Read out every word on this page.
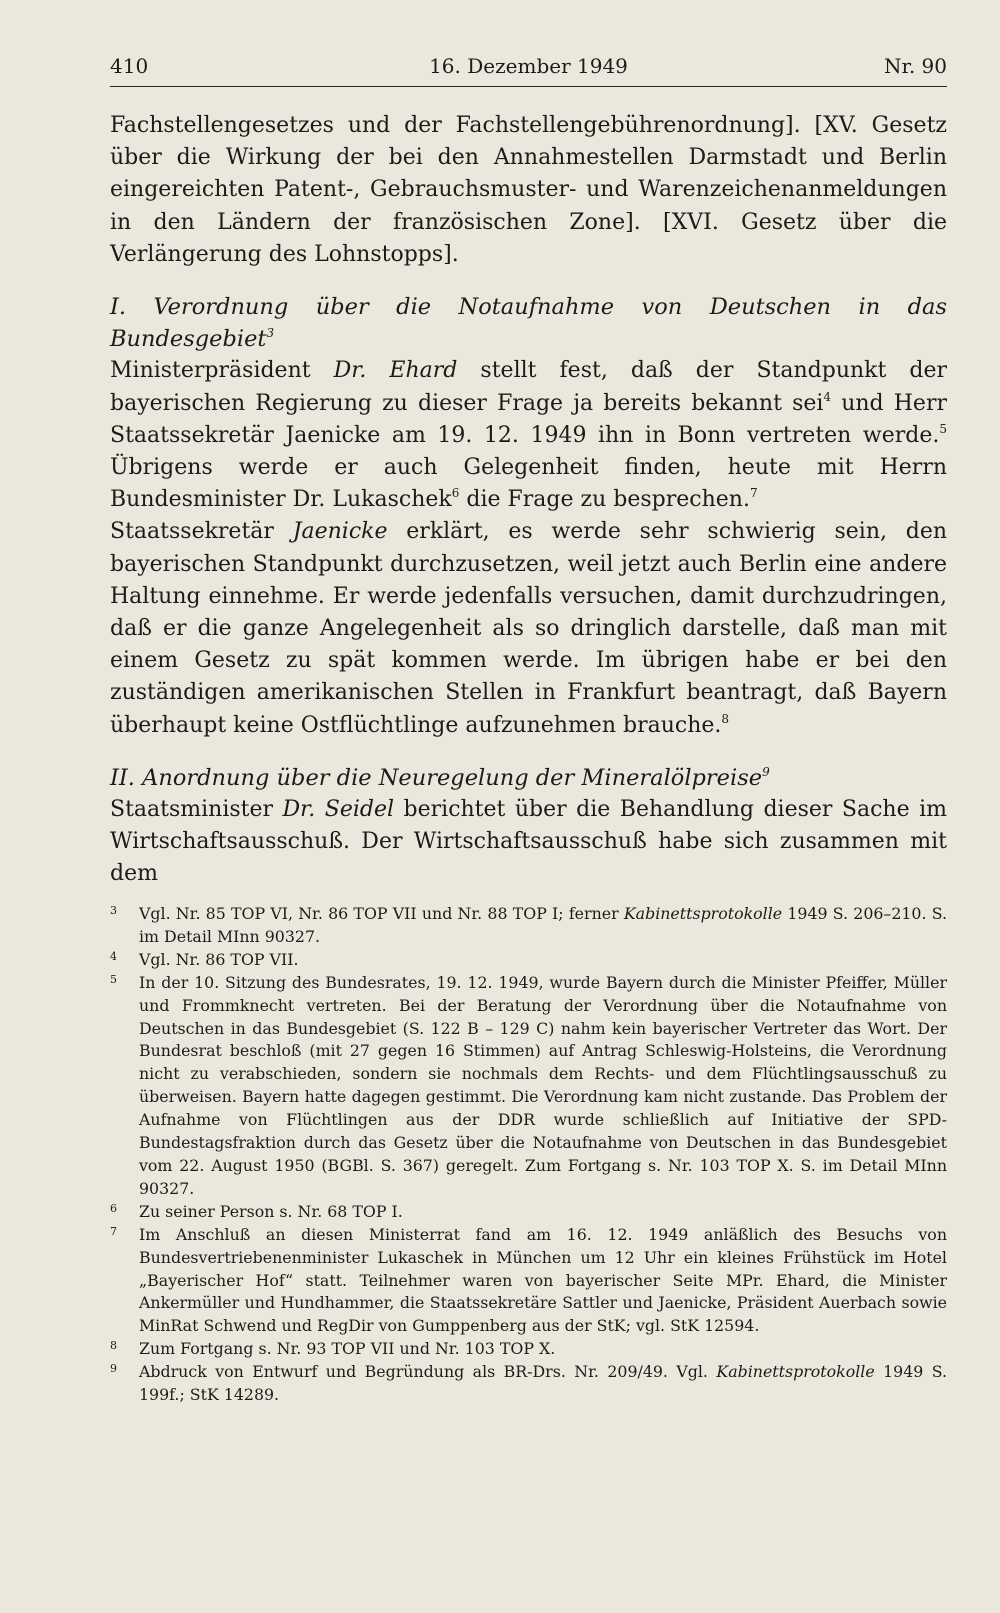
410	16. Dezember 1949	Nr. 90

Fachstellengesetzes und der Fachstellengebührenordnung]. [XV. Gesetz über die Wirkung der bei den Annahmestellen Darmstadt und Berlin eingereichten Patent-, Gebrauchsmuster- und Warenzeichenanmeldungen in den Ländern der französischen Zone]. [XVI. Gesetz über die Verlängerung des Lohnstopps].

I. Verordnung über die Notaufnahme von Deutschen in das Bundesgebiet$^3$

Ministerpräsident Dr. Ehard stellt fest, daß der Standpunkt der bayerischen Regierung zu dieser Frage ja bereits bekannt sei$^4$ und Herr Staatssekretär Jaenicke am 19. 12. 1949 ihn in Bonn vertreten werde.$^5$ Übrigens werde er auch Gelegenheit finden, heute mit Herrn Bundesminister Dr. Lukaschek$^6$ die Frage zu besprechen.$^7$

Staatssekretär Jaenicke erklärt, es werde sehr schwierig sein, den bayerischen Standpunkt durchzusetzen, weil jetzt auch Berlin eine andere Haltung einnehme. Er werde jedenfalls versuchen, damit durchzudringen, daß er die ganze Angelegenheit als so dringlich darstelle, daß man mit einem Gesetz zu spät kommen werde. Im übrigen habe er bei den zuständigen amerikanischen Stellen in Frankfurt beantragt, daß Bayern überhaupt keine Ostflüchtlinge aufzunehmen brauche.$^8$

II. Anordnung über die Neuregelung der Mineralölpreise$^9$

Staatsminister Dr. Seidel berichtet über die Behandlung dieser Sache im Wirtschaftsausschuß. Der Wirtschaftsausschuß habe sich zusammen mit dem

3 Vgl. Nr. 85 TOP VI, Nr. 86 TOP VII und Nr. 88 TOP I; ferner Kabinettsprotokolle 1949 S. 206–210. S. im Detail MInn 90327.
4 Vgl. Nr. 86 TOP VII.
5 In der 10. Sitzung des Bundesrates, 19. 12. 1949, wurde Bayern durch die Minister Pfeiffer, Müller und Frommknecht vertreten. Bei der Beratung der Verordnung über die Notaufnahme von Deutschen in das Bundesgebiet (S. 122 B – 129 C) nahm kein bayerischer Vertreter das Wort. Der Bundesrat beschloß (mit 27 gegen 16 Stimmen) auf Antrag Schleswig-Holsteins, die Verordnung nicht zu verabschieden, sondern sie nochmals dem Rechts- und dem Flüchtlingsausschuß zu überweisen. Bayern hatte dagegen gestimmt. Die Verordnung kam nicht zustande. Das Problem der Aufnahme von Flüchtlingen aus der DDR wurde schließlich auf Initiative der SPD-Bundestagsfraktion durch das Gesetz über die Notaufnahme von Deutschen in das Bundesgebiet vom 22. August 1950 (BGBl. S. 367) geregelt. Zum Fortgang s. Nr. 103 TOP X. S. im Detail MInn 90327.
6 Zu seiner Person s. Nr. 68 TOP I.
7 Im Anschluß an diesen Ministerrat fand am 16. 12. 1949 anläßlich des Besuchs von Bundesvertriebenenminister Lukaschek in München um 12 Uhr ein kleines Frühstück im Hotel „Bayerischer Hof“ statt. Teilnehmer waren von bayerischer Seite MPr. Ehard, die Minister Ankermüller und Hundhammer, die Staatssekretäre Sattler und Jaenicke, Präsident Auerbach sowie MinRat Schwend und RegDir von Gumppenberg aus der StK; vgl. StK 12594.
8 Zum Fortgang s. Nr. 93 TOP VII und Nr. 103 TOP X.
9 Abdruck von Entwurf und Begründung als BR-Drs. Nr. 209/49. Vgl. Kabinettsprotokolle 1949 S. 199f.; StK 14289.
